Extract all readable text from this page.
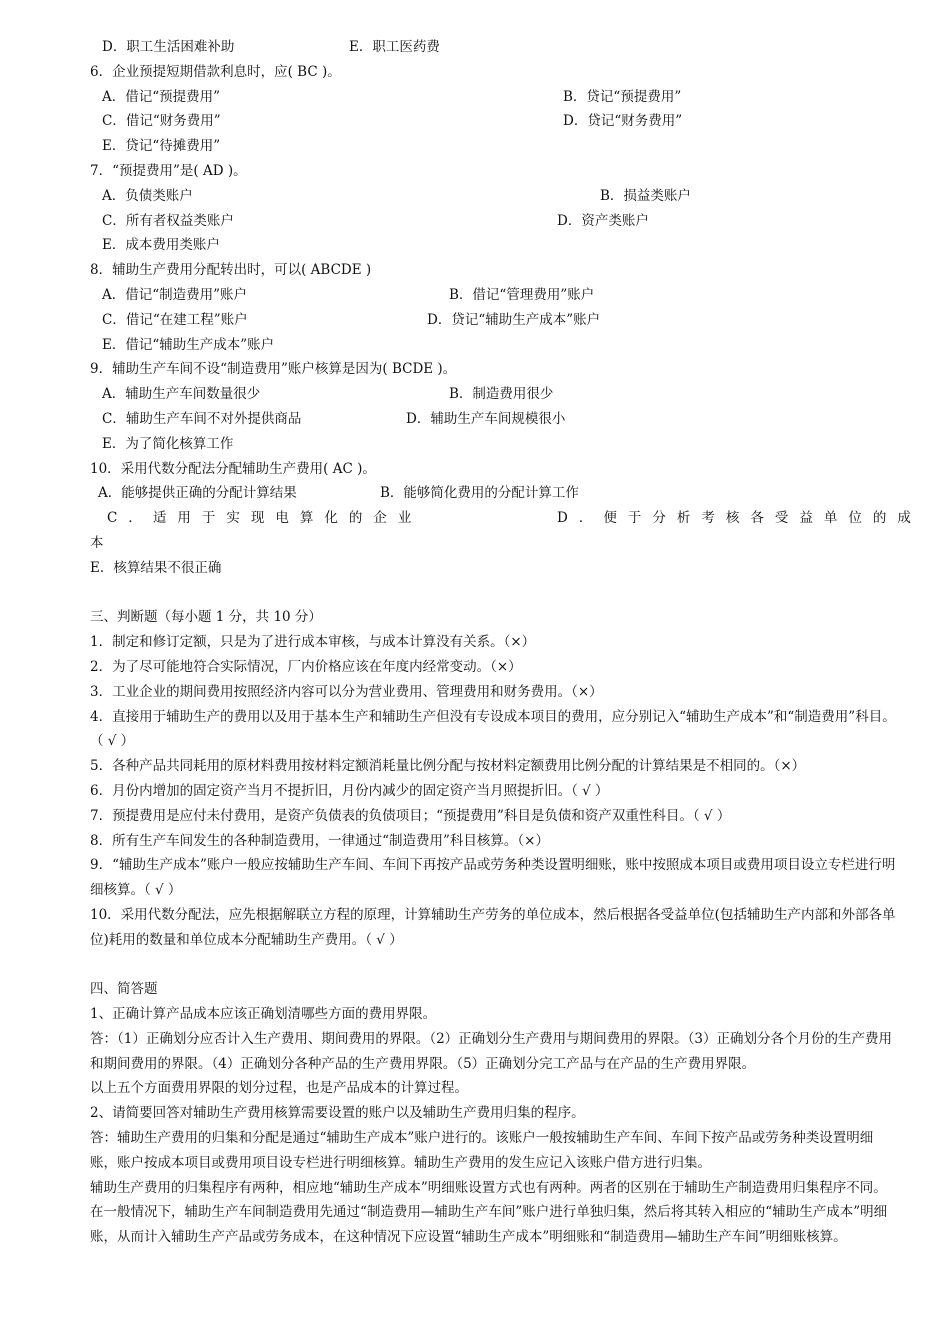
D．职工生活困难补助	E．职工医药费
6．企业预提短期借款利息时，应( BC )。
A．借记“预提费用”	B．贷记“预提费用”
C．借记“财务费用”	D．贷记“财务费用”
E．贷记“待摊费用”
7．“预提费用”是( AD )。
A．负债类账户	B．损益类账户
C．所有者权益类账户	D．资产类账户
E．成本费用类账户
8．辅助生产费用分配转出时，可以( ABCDE )
A．借记“制造费用”账户	B．借记“管理费用”账户
C．借记“在建工程”账户	D．贷记“辅助生产成本”账户
E．借记“辅助生产成本”账户
9．辅助生产车间不设“制造费用”账户核算是因为( BCDE )。
A．辅助生产车间数量很少	B．制造费用很少
C．辅助生产车间不对外提供商品	D．辅助生产车间规模很小
E．为了简化核算工作
10．采用代数分配法分配辅助生产费用( AC )。
A．能够提供正确的分配计算结果	B．能够简化费用的分配计算工作
C．适用于实现电算化的企业	D．便于分析考核各受益单位的成
本
E．核算结果不很正确
三、判断题（每小题 1 分，共 10 分）
1．制定和修订定额，只是为了进行成本审核，与成本计算没有关系。（×）
2．为了尽可能地符合实际情况，厂内价格应该在年度内经常变动。（×）
3．工业企业的期间费用按照经济内容可以分为营业费用、管理费用和财务费用。（×）
4．直接用于辅助生产的费用以及用于基本生产和辅助生产但没有专设成本项目的费用，应分别记入“辅助生产成本”和“制造费用”科目。（ √ ）
5．各种产品共同耗用的原材料费用按材料定额消耗量比例分配与按材料定额费用比例分配的计算结果是不相同的。（×）
6．月份内增加的固定资产当月不提折旧，月份内减少的固定资产当月照提折旧。（ √ ）
7．预提费用是应付未付费用，是资产负债表的负债项目；“预提费用”科目是负债和资产双重性科目。（ √ ）
8．所有生产车间发生的各种制造费用，一律通过“制造费用”科目核算。（×）
9．“辅助生产成本”账户一般应按辅助生产车间、车间下再按产品或劳务种类设置明细账，账中按照成本项目或费用项目设立专栏进行明细核算。（ √ ）
10．采用代数分配法，应先根据解联立方程的原理，计算辅助生产劳务的单位成本，然后根据各受益单位(包括辅助生产内部和外部各单位)耗用的数量和单位成本分配辅助生产费用。（ √ ）
四、简答题
1、正确计算产品成本应该正确划清哪些方面的费用界限。
答：（1）正确划分应否计入生产费用、期间费用的界限。（2）正确划分生产费用与期间费用的界限。（3）正确划分各个月份的生产费用和期间费用的界限。（4）正确划分各种产品的生产费用界限。（5）正确划分完工产品与在产品的生产费用界限。
以上五个方面费用界限的划分过程，也是产品成本的计算过程。
2、请简要回答对辅助生产费用核算需要设置的账户以及辅助生产费用归集的程序。
答：辅助生产费用的归集和分配是通过“辅助生产成本”账户进行的。该账户一般按辅助生产车间、车间下按产品或劳务种类设置明细账，账户按成本项目或费用项目设专栏进行明细核算。辅助生产费用的发生应记入该账户借方进行归集。
辅助生产费用的归集程序有两种，相应地“辅助生产成本”明细账设置方式也有两种。两者的区别在于辅助生产制造费用归集程序不同。
在一般情况下，辅助生产车间制造费用先通过“制造费用—辅助生产车间”账户进行单独归集，然后将其转入相应的“辅助生产成本”明细账，从而计入辅助生产产品或劳务成本，在这种情况下应设置“辅助生产成本”明细账和“制造费用—辅助生产车间”明细账核算。
